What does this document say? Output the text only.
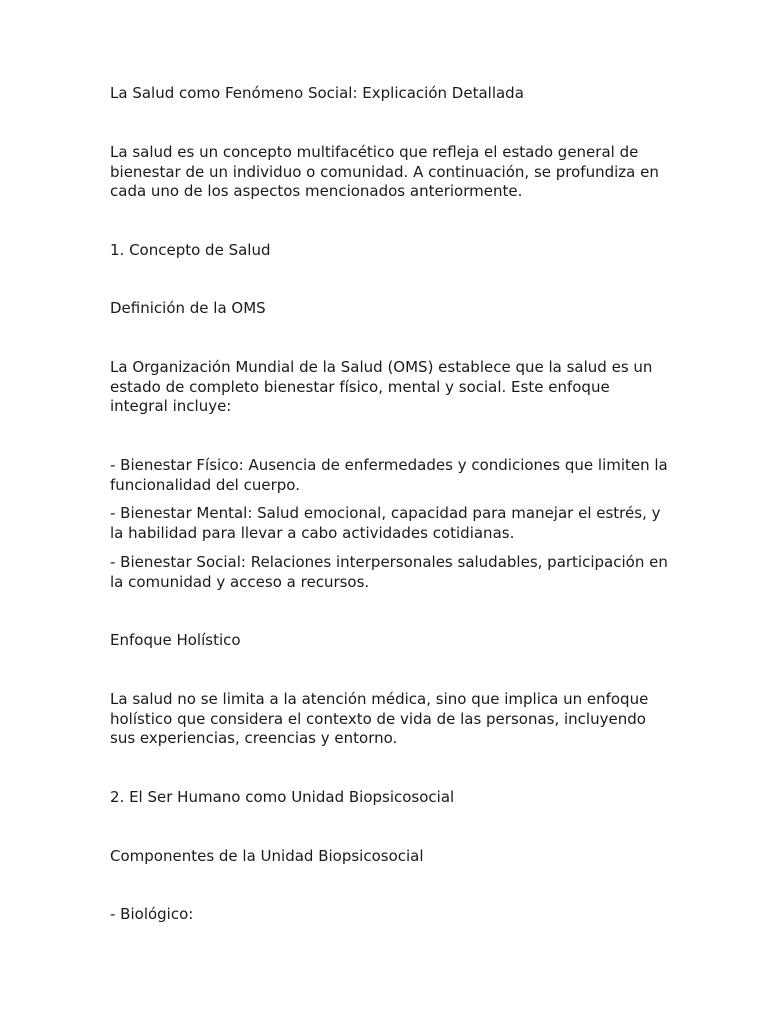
La Salud como Fenómeno Social: Explicación Detallada

La salud es un concepto multifacético que refleja el estado general de bienestar de un individuo o comunidad. A continuación, se profundiza en cada uno de los aspectos mencionados anteriormente.

1. Concepto de Salud

Definición de la OMS

La Organización Mundial de la Salud (OMS) establece que la salud es un estado de completo bienestar físico, mental y social. Este enfoque integral incluye:

- Bienestar Físico: Ausencia de enfermedades y condiciones que limiten la funcionalidad del cuerpo.

- Bienestar Mental: Salud emocional, capacidad para manejar el estrés, y la habilidad para llevar a cabo actividades cotidianas.

- Bienestar Social: Relaciones interpersonales saludables, participación en la comunidad y acceso a recursos.

Enfoque Holístico

La salud no se limita a la atención médica, sino que implica un enfoque holístico que considera el contexto de vida de las personas, incluyendo sus experiencias, creencias y entorno.

2. El Ser Humano como Unidad Biopsicosocial

Componentes de la Unidad Biopsicosocial

- Biológico:
